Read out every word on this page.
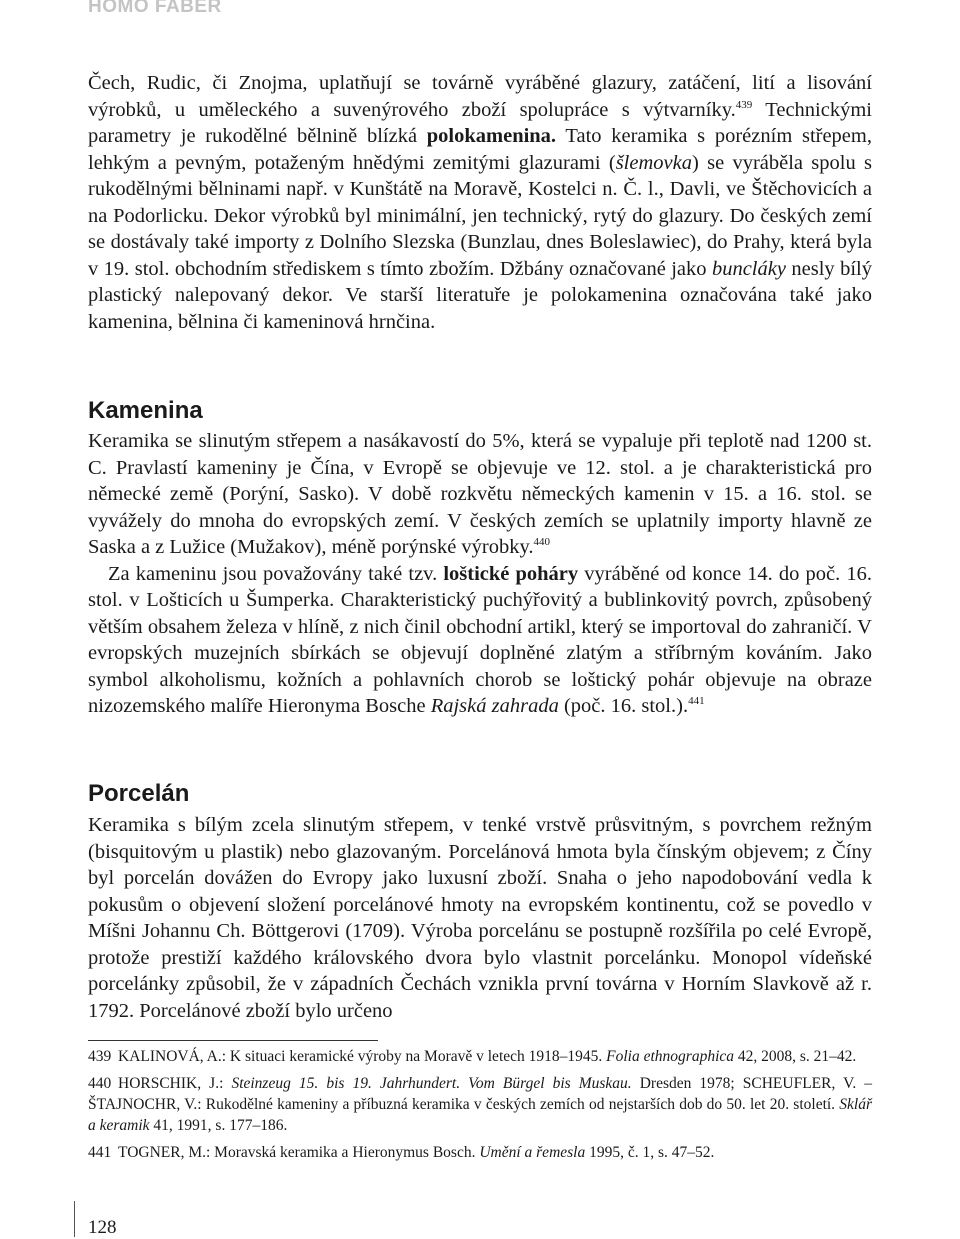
HOMO FABER

Čech, Rudic, či Znojma, uplatňují se továrně vyráběné glazury, zatáčení, lití a lisování výrobků, u uměleckého a suvenýrového zboží spolupráce s výtvarníky.$^{439}$ Technickými parametry je rukodělné bělnině blízká polokamenina. Tato keramika s porézním střepem, lehkým a pevným, potaženým hnědými zemitými glazurami (šlemovka) se vyráběla spolu s rukodělnými bělninami např. v Kunštátě na Moravě, Kostelci n. Č. l., Davli, ve Štěchovicích a na Podorlicku. Dekor výrobků byl minimální, jen technický, rytý do glazury. Do českých zemí se dostávaly také importy z Dolního Slezska (Bunzlau, dnes Boleslawiec), do Prahy, která byla v 19. stol. obchodním střediskem s tímto zbožím. Džbány označované jako buncláky nesly bílý plastický nalepovaný dekor. Ve starší literatuře je polokamenina označována také jako kamenina, bělnina či kameninová hrnčina.

Kamenina

Keramika se slinutým střepem a nasákavostí do 5%, která se vypaluje při teplotě nad 1200 st. C. Pravlastí kameniny je Čína, v Evropě se objevuje ve 12. stol. a je charakteristická pro německé země (Porýní, Sasko). V době rozkvětu německých kamenin v 15. a 16. stol. se vyvážely do mnoha do evropských zemí. V českých zemích se uplatnily importy hlavně ze Saska a z Lužice (Mužakov), méně porýnské výrobky.$^{440}$

Za kameninu jsou považovány také tzv. loštické poháry vyráběné od konce 14. do poč. 16. stol. v Lošticích u Šumperka. Charakteristický puchýřovitý a bublinkovitý povrch, způsobený větším obsahem železa v hlíně, z nich činil obchodní artikl, který se importoval do zahraničí. V evropských muzejních sbírkách se objevují doplněné zlatým a stříbrným kováním. Jako symbol alkoholismu, kožních a pohlavních chorob se loštický pohár objevuje na obraze nizozemského malíře Hieronyma Bosche Rajská zahrada (poč. 16. stol.).$^{441}$

Porcelán

Keramika s bílým zcela slinutým střepem, v tenké vrstvě průsvitným, s povrchem režným (bisquitovým u plastik) nebo glazovaným. Porcelánová hmota byla čínským objevem; z Číny byl porcelán dovážen do Evropy jako luxusní zboží. Snaha o jeho napodobování vedla k pokusům o objevení složení porcelánové hmoty na evropském kontinentu, což se povedlo v Míšni Johannu Ch. Böttgerovi (1709). Výroba porcelánu se postupně rozšířila po celé Evropě, protože prestiží každého královského dvora bylo vlastnit porcelánku. Monopol vídeňské porcelánky způsobil, že v západních Čechách vznikla první továrna v Horním Slavkově až r. 1792. Porcelánové zboží bylo určeno

439 KALINOVÁ, A.: K situaci keramické výroby na Moravě v letech 1918–1945. Folia ethnographica 42, 2008, s. 21–42.

440 HORSCHIK, J.: Steinzeug 15. bis 19. Jahrhundert. Vom Bürgel bis Muskau. Dresden 1978; SCHEUFLER, V. – ŠTAJNOCHR, V.: Rukodělné kameniny a příbuzná keramika v českých zemích od nejstarších dob do 50. let 20. století. Sklář a keramik 41, 1991, s. 177–186.

441 TOGNER, M.: Moravská keramika a Hieronymus Bosch. Umění a řemesla 1995, č. 1, s. 47–52.

128
